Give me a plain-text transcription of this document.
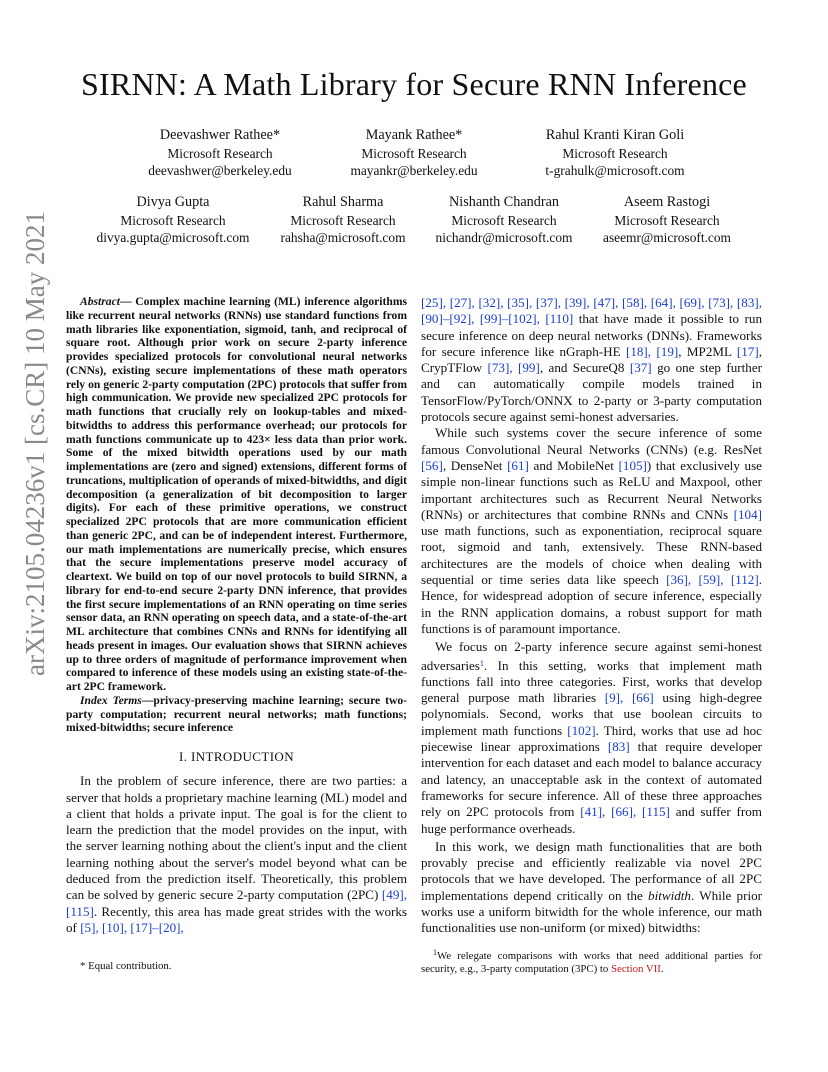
SIRNN: A Math Library for Secure RNN Inference
Deevashwer Rathee*
Microsoft Research
deevashwer@berkeley.edu
Mayank Rathee*
Microsoft Research
mayankr@berkeley.edu
Rahul Kranti Kiran Goli
Microsoft Research
t-grahulk@microsoft.com
Divya Gupta
Microsoft Research
divya.gupta@microsoft.com
Rahul Sharma
Microsoft Research
rahsha@microsoft.com
Nishanth Chandran
Microsoft Research
nichandr@microsoft.com
Aseem Rastogi
Microsoft Research
aseemr@microsoft.com
arXiv:2105.04236v1 [cs.CR] 10 May 2021	Abstract— Complex machine learning (ML) inference algorithms like recurrent neural networks (RNNs) use standard functions from math libraries like exponentiation, sigmoid, tanh, and reciprocal of square root. Although prior work on secure 2-party inference provides specialized protocols for convolutional neural networks (CNNs), existing secure implementations of these math operators rely on generic 2-party computation (2PC) protocols that suffer from high communication. We provide new specialized 2PC protocols for math functions that crucially rely on lookup-tables and mixed-bitwidths to address this performance overhead; our protocols for math functions communicate up to 423× less data than prior work. Some of the mixed bitwidth operations used by our math implementations are (zero and signed) extensions, different forms of truncations, multiplication of operands of mixed-bitwidths, and digit decomposition (a generalization of bit decomposition to larger digits). For each of these primitive operations, we construct specialized 2PC protocols that are more communication efficient than generic 2PC, and can be of independent interest. Furthermore, our math implementations are numerically precise, which ensures that the secure implementations preserve model accuracy of cleartext. We build on top of our novel protocols to build SIRNN, a library for end-to-end secure 2-party DNN inference, that provides the first secure implementations of an RNN operating on time series sensor data, an RNN operating on speech data, and a state-of-the-art ML architecture that combines CNNs and RNNs for identifying all heads present in images. Our evaluation shows that SIRNN achieves up to three orders of magnitude of performance improvement when compared to inference of these models using an existing state-of-the-art 2PC framework.

Index Terms—privacy-preserving machine learning; secure two-party computation; recurrent neural networks; math functions; mixed-bitwidths; secure inference

I. INTRODUCTION

In the problem of secure inference, there are two parties: a server that holds a proprietary machine learning (ML) model and a client that holds a private input. The goal is for the client to learn the prediction that the model provides on the input, with the server learning nothing about the client's input and the client learning nothing about the server's model beyond what can be deduced from the prediction itself. Theoretically, this problem can be solved by generic secure 2-party computation (2PC) [49], [115]. Recently, this area has made great strides with the works of [5], [10], [17]–[20],

* Equal contribution.

[25], [27], [32], [35], [37], [39], [47], [58], [64], [69], [73], [83], [90]–[92], [99]–[102], [110] that have made it possible to run secure inference on deep neural networks (DNNs). Frameworks for secure inference like nGraph-HE [18], [19], MP2ML [17], CrypTFlow [73], [99], and SecureQ8 [37] go one step further and can automatically compile models trained in TensorFlow/PyTorch/ONNX to 2-party or 3-party computation protocols secure against semi-honest adversaries.

While such systems cover the secure inference of some famous Convolutional Neural Networks (CNNs) (e.g. ResNet [56], DenseNet [61] and MobileNet [105]) that exclusively use simple non-linear functions such as ReLU and Maxpool, other important architectures such as Recurrent Neural Networks (RNNs) or architectures that combine RNNs and CNNs [104] use math functions, such as exponentiation, reciprocal square root, sigmoid and tanh, extensively. These RNN-based architectures are the models of choice when dealing with sequential or time series data like speech [36], [59], [112]. Hence, for widespread adoption of secure inference, especially in the RNN application domains, a robust support for math functions is of paramount importance.

We focus on 2-party inference secure against semi-honest adversaries$^1$. In this setting, works that implement math functions fall into three categories. First, works that develop general purpose math libraries [9], [66] using high-degree polynomials. Second, works that use boolean circuits to implement math functions [102]. Third, works that use ad hoc piecewise linear approximations [83] that require developer intervention for each dataset and each model to balance accuracy and latency, an unacceptable ask in the context of automated frameworks for secure inference. All of these three approaches rely on 2PC protocols from [41], [66], [115] and suffer from huge performance overheads.

In this work, we design math functionalities that are both provably precise and efficiently realizable via novel 2PC protocols that we have developed. The performance of all 2PC implementations depend critically on the bitwidth. While prior works use a uniform bitwidth for the whole inference, our math functionalities use non-uniform (or mixed) bitwidths:

$^1$We relegate comparisons with works that need additional parties for security, e.g., 3-party computation (3PC) to Section VII.
